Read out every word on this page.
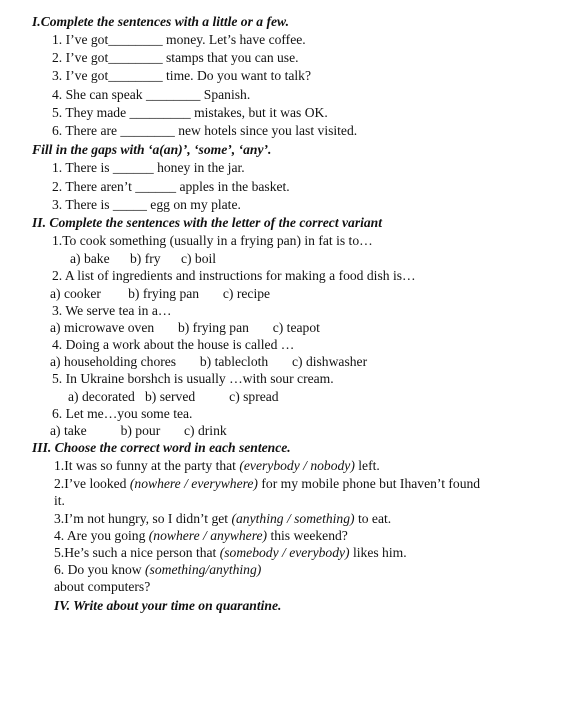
I.Complete the sentences with a little or a few.
1. I’ve got________ money. Let’s have coffee.
2. I’ve got________ stamps that you can use.
3. I’ve got________ time. Do you want to talk?
4. She can speak ________ Spanish.
5. They made _________ mistakes, but it was OK.
6. There are ________ new hotels since you last visited.
Fill in the gaps with ‘a(an)’, ‘some’, ‘any’.
1. There is ______ honey in the jar.
2. There aren’t ______ apples in the basket.
3. There is _____ egg on my plate.
II. Complete the sentences with the letter of the correct variant
1.To cook something (usually in a frying pan) in fat is to…
a) bake      b) fry      c) boil
2. A list of ingredients and instructions for making a food dish is…
a) cooker        b) frying pan       c) recipe
3. We serve tea in a…
a) microwave oven       b) frying pan       c) teapot
4. Doing a work about the house is called …
a) householding chores       b) tablecloth       c) dishwasher
5. In Ukraine borshch is usually …with sour cream.
a) decorated   b) served          c) spread
6. Let me…you some tea.
a) take          b) pour       c) drink
III. Choose the correct word in each sentence.
1.It was so funny at the party that (everybody / nobody) left.
2.I’ve looked (nowhere / everywhere) for my mobile phone but Ihaven’t found
it.
3.I’m not hungry, so I didn’t get (anything / something) to eat.
4. Are you going (nowhere / anywhere) this weekend?
5.He’s such a nice person that (somebody / everybody) likes him.
6. Do you know (something/anything)
about computers?
IV. Write about your time on quarantine.
